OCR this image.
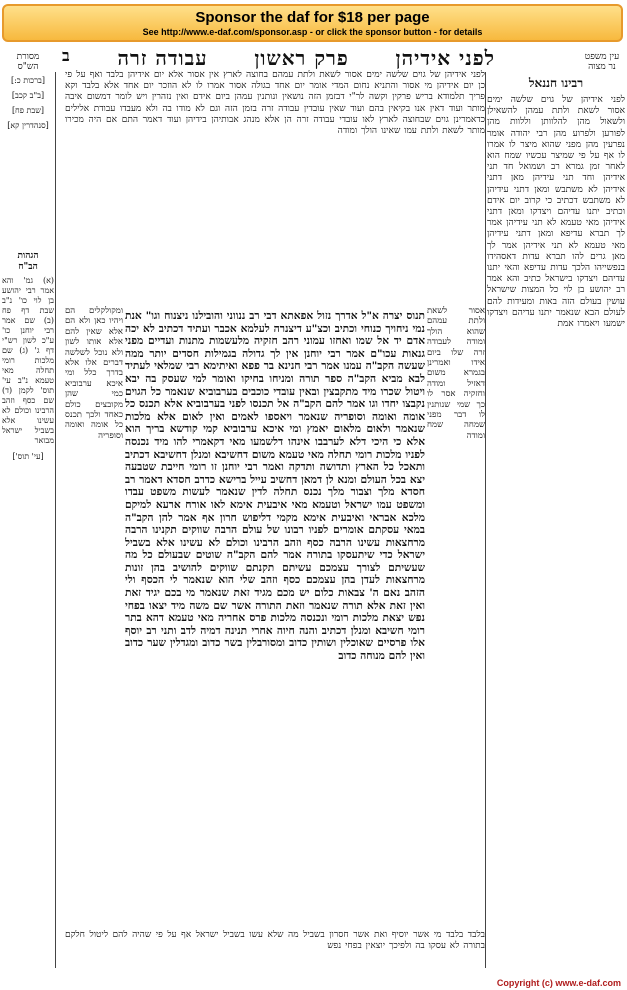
Sponsor the daf for $18 per page
See http://www.e-daf.com/sponsor.asp - or click the sponsor button - for details
עין משפט
נר מצוה
לפני אידיהן
פרק ראשון
עבודה זרה
ב
מסורת
הש"ס
רבינו חננאל
לפני אידיהן של גוים שלשה ימים אסור לשאת ולתת עמהן להשאילן ולשאול מהן להלוותן וללוות מהן לפורען ולפרוע מהן רבי יהודה אומר נפרעין מהן מפני שהוא מיצר לו אמרו לו אף על פי שמיצר עכשיו שמח הוא לאחר זמן גמרא רב ושמואל חד תני אידיהן וחד תני עידיהן מאן דתני אידיהן לא משתבש ומאן דתני עידיהן לא משתבש דכתיב כי קרוב יום אידם וכתיב יתנו עדיהם ויצדקו ומאן דתני אידיהן מאי טעמא לא תני עידיהן אמר לך תברא עדיפא ומאן דתני עידיהן מאי טעמא לא תני אידיהן אמר לך מאן גרים להו תברא עדות דאסהידו בנפשייהו הלכך עדות עדיפא והאי יתנו עדיהם ויצדקו בישראל כתיב והא אמר רב יהושע בן לוי כל המצות שישראל עושין בעולם הזה באות ומעידות להם לעולם הבא שנאמר יתנו עדיהם ויצדקו ישמעו ויאמרו אמת
לפני אידיהן של גוים שלשה ימים אסור לשאת ולתת עמהם בחוצה לארץ אין אסור אלא יום אידיהן בלבד ואף על פי כן יום אידיהן מי אסור והתניא נחום המדי אומר יום אחד בגולה אסור אמרו לו לא הוזכר יום אחד אלא בלבד וקא פריך תלמודא בריש פרקין וקשה לר"י דבזמן הזה נושאין ונותנין עמהן ביום אידם ואין נזהרין ויש לומר דמשום איבה מותר ועוד דאין אנו בקיאין בהם ועוד שאין עובדין עבודה זרה בזמן הזה וגם לא מודו בה ולא מעבדו עבודת אלילים כדאמרינן גוים שבחוצה לארץ לאו עובדי עבודה זרה הן אלא מנהג אבותיהן בידיהן ועוד דאמר התם אם היה מכירו מותר לשאת ולתת עמו שאינו הולך ומודה
אסור לשאת ולתת עמהם שהוא הולך ומודה לעבודה זרה שלו ביום אידו ואמרינן בגמרא משום דאזיל ומודה וחזקיה אסר לו כך שמי שנותנין לו דבר מפני שמחה שמח ומודה
תנוס יצרה א"ל אדרך נזול אפאתא דבי רב ננווני והובילנו ניצנוח וגו" אנת נמי ניחויך כנוחי וכתיב וכצ"ע דיצנרה לעלמא אכבר ועתיד דכתיב לא יכה אדם יד אל שמו ואחזו עמוני רהב חזקיה מלעשמות מתנות ועדיים מפני גנאות עכו"ם אמר רבי יוחנן אין לך גדולה בגמילות חסדים יותר ממה שעשה הקב"ה עמנו אמר רבי חנינא בר פפא ואיתימא רבי שמלאי לעתיד לבא מביא הקב"ה ספר תורה ומניחו בחיקו ואומר למי שעסק בה יבא ויטול שכרו מיד מתקבצין ובאין עובדי כוכבים בערבוביא שנאמר כל הגוים נקבצו יחדו וגו אמר להם הקב"ה אל תכנסו לפני בערבוביא אלא תכנס כל אומה ואומה וסופריה שנאמר ויאספו לאמים ואין לאום אלא מלכות שנאמר ולאום מלאום יאמץ ומי איכא ערבוביא קמי קודשא בריך הוא אלא כי היכי דלא לערבבו אינהו דלשמעו מאי דקאמרי להו מיד נכנסה לפניו מלכות רומי תחלה מאי טעמא משום דחשיבא ומנלן דחשיבא דכתיב ותאכל כל הארץ ותדושה ותדקה ואמר רבי יוחנן זו רומי חייבת שטבעה יצא בכל העולם ומנא לן דמאן דחשיב עייל ברישא כדרב חסדא דאמר רב חסדא מלך וצבור מלך נכנס תחלה לדין שנאמר לעשות משפט עבדו ומשפט עמו ישראל וטעמא מאי איבעית אימא לאו אורח ארעא למיקם מלכא אבראי ואיבעית אימא מקמי דליפוש חרון אף אמר להן הקב"ה במאי עסקתם אומרים לפניו רבונו של עולם הרבה שווקים תקנינו הרבה מרחצאות עשינו הרבה כסף וזהב הרבינו וכולם לא עשינו אלא בשביל ישראל כדי שיתעסקו בתורה אמר להם הקב"ה שוטים שבעולם כל מה שעשיתם לצורך עצמכם עשיתם תקנתם שווקים להושיב בהן זונות מרחצאות לעדן בהן עצמכם כסף וזהב שלי הוא שנאמר לי הכסף ולי הזהב נאם ה' צבאות כלום יש מכם מגיד זאת שנאמר מי בכם יגיד זאת ואין זאת אלא תורה שנאמר וזאת התורה אשר שם משה מיד יצאו בפחי נפש יצאת מלכות רומי ונכנסה מלכות פרס אחריה מאי טעמא דהא בתר רומי חשיבא ומנלן דכתיב והנה חיוה אחרי תנינה דמיה לדב ותני רב יוסף אלו פרסיים שאוכלין ושותין כדוב ומסורבלין בשר כדוב ומגדלין שער כדוב ואין להם מנוחה כדוב
ומקולקלים הם ויהיו כאן ולא הם אלא שאין להם אלא אותו לשון ולא נוכל לשלשה דברים אלו אלא בדרך כלל ומי איכא ערבוביא כמי שהן מקובצים כולם כאחד ולכך תכנס כל אומה ואומה וסופריה
בלבד בלבד מי אשר יוסיף ואת אשר חסרון בשביל מה שלא עשו בשביל ישראל אף על פי שהיה להם ליטול חלקם בתורה לא עסקו בה ולפיכך יוצאין בפחי נפש
[ברכות כ:]
[ב"ב קכב]
[שבת פח]
[סנהדרין קא]
הגהות
הב"ח
(א) גמ' והא אמר רבי יהושע בן לוי כו' נ"ב שבת דף פח (ב) שם אמר רבי יוחנן כו' ע"כ לשון רש"י דף ג' (ג) שם מלכות רומי תחלה מאי טעמא נ"ב עי' תוס' לקמן (ד) שם כסף וזהב הרבינו וכולם לא עשינו אלא בשביל ישראל מבואר
[עי' תוס']
Copyright (c) www.e-daf.com
